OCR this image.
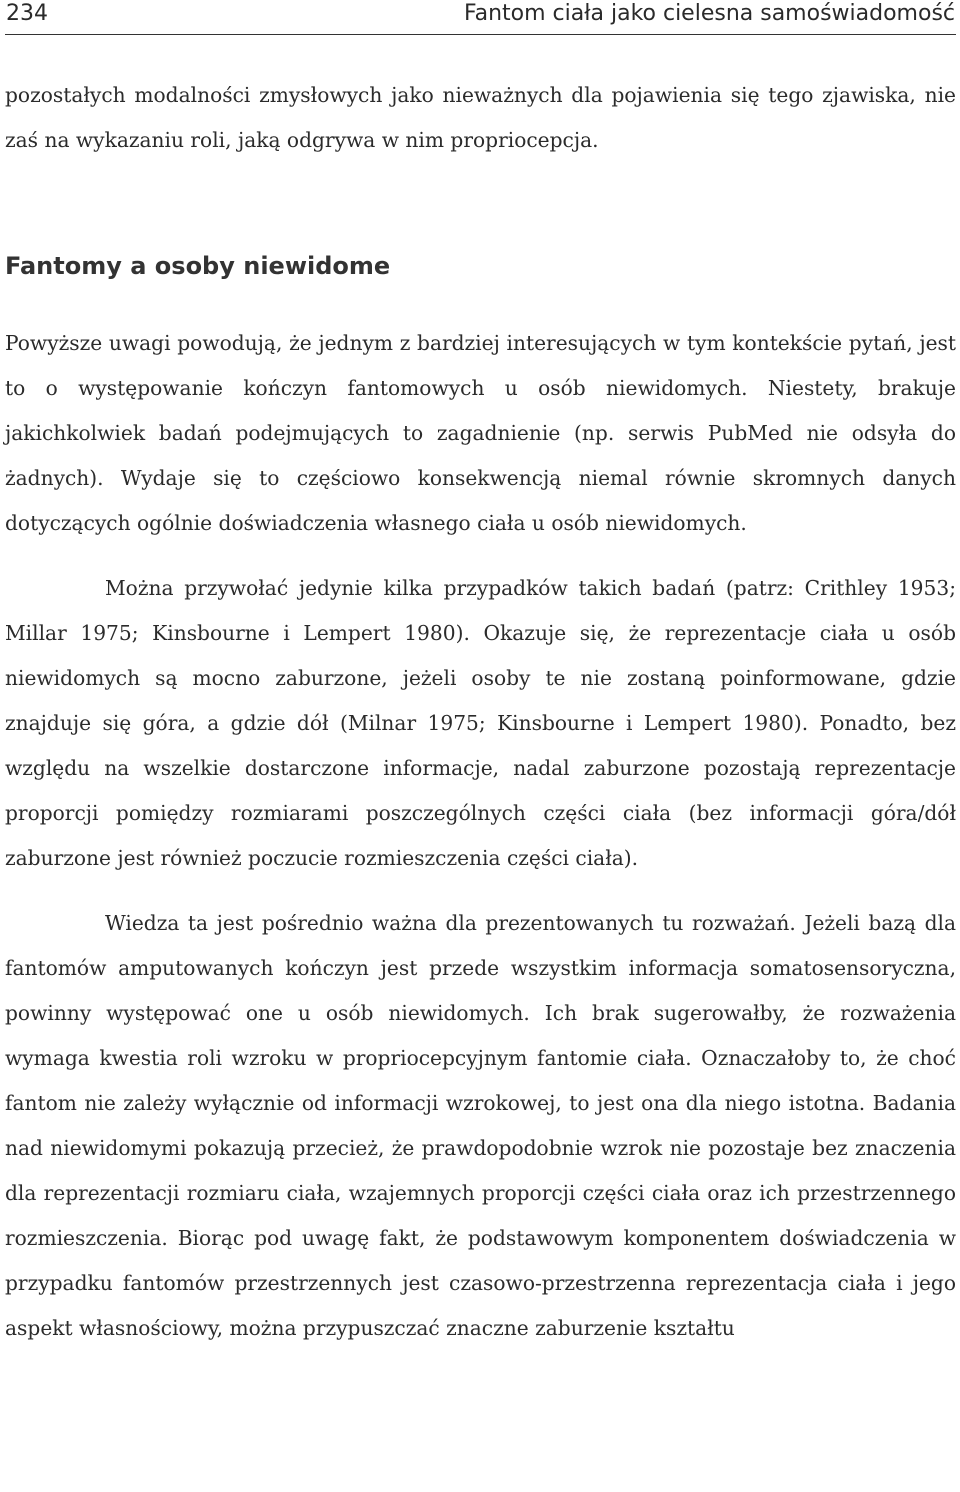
234	Fantom ciała jako cielesna samoświadomość

pozostałych modalności zmysłowych jako nieważnych dla pojawienia się tego zjawiska, nie zaś na wykazaniu roli, jaką odgrywa w nim propriocepcja.

Fantomy a osoby niewidome

Powyższe uwagi powodują, że jednym z bardziej interesujących w tym kontekście pytań, jest to o występowanie kończyn fantomowych u osób niewidomych. Niestety, brakuje jakichkolwiek badań podejmujących to zagadnienie (np. serwis PubMed nie odsyła do żadnych). Wydaje się to częściowo konsekwencją niemal równie skromnych danych dotyczących ogólnie doświadczenia własnego ciała u osób niewidomych.

Można przywołać jedynie kilka przypadków takich badań (patrz: Crithley 1953; Millar 1975; Kinsbourne i Lempert 1980). Okazuje się, że reprezentacje ciała u osób niewidomych są mocno zaburzone, jeżeli osoby te nie zostaną poinformowane, gdzie znajduje się góra, a gdzie dół (Milnar 1975; Kinsbourne i Lempert 1980). Ponadto, bez względu na wszelkie dostarczone informacje, nadal zaburzone pozostają reprezentacje proporcji pomiędzy rozmiarami poszczególnych części ciała (bez informacji góra/dół zaburzone jest również poczucie rozmieszczenia części ciała).

Wiedza ta jest pośrednio ważna dla prezentowanych tu rozważań. Jeżeli bazą dla fantomów amputowanych kończyn jest przede wszystkim informacja somatosensoryczna, powinny występować one u osób niewidomych. Ich brak sugerowałby, że rozważenia wymaga kwestia roli wzroku w propriocepcyjnym fantomie ciała. Oznaczałoby to, że choć fantom nie zależy wyłącznie od informacji wzrokowej, to jest ona dla niego istotna. Badania nad niewidomymi pokazują przecież, że prawdopodobnie wzrok nie pozostaje bez znaczenia dla reprezentacji rozmiaru ciała, wzajemnych proporcji części ciała oraz ich przestrzennego rozmieszczenia. Biorąc pod uwagę fakt, że podstawowym komponentem doświadczenia w przypadku fantomów przestrzennych jest czasowo-przestrzenna reprezentacja ciała i jego aspekt własnościowy, można przypuszczać znaczne zaburzenie kształtu
